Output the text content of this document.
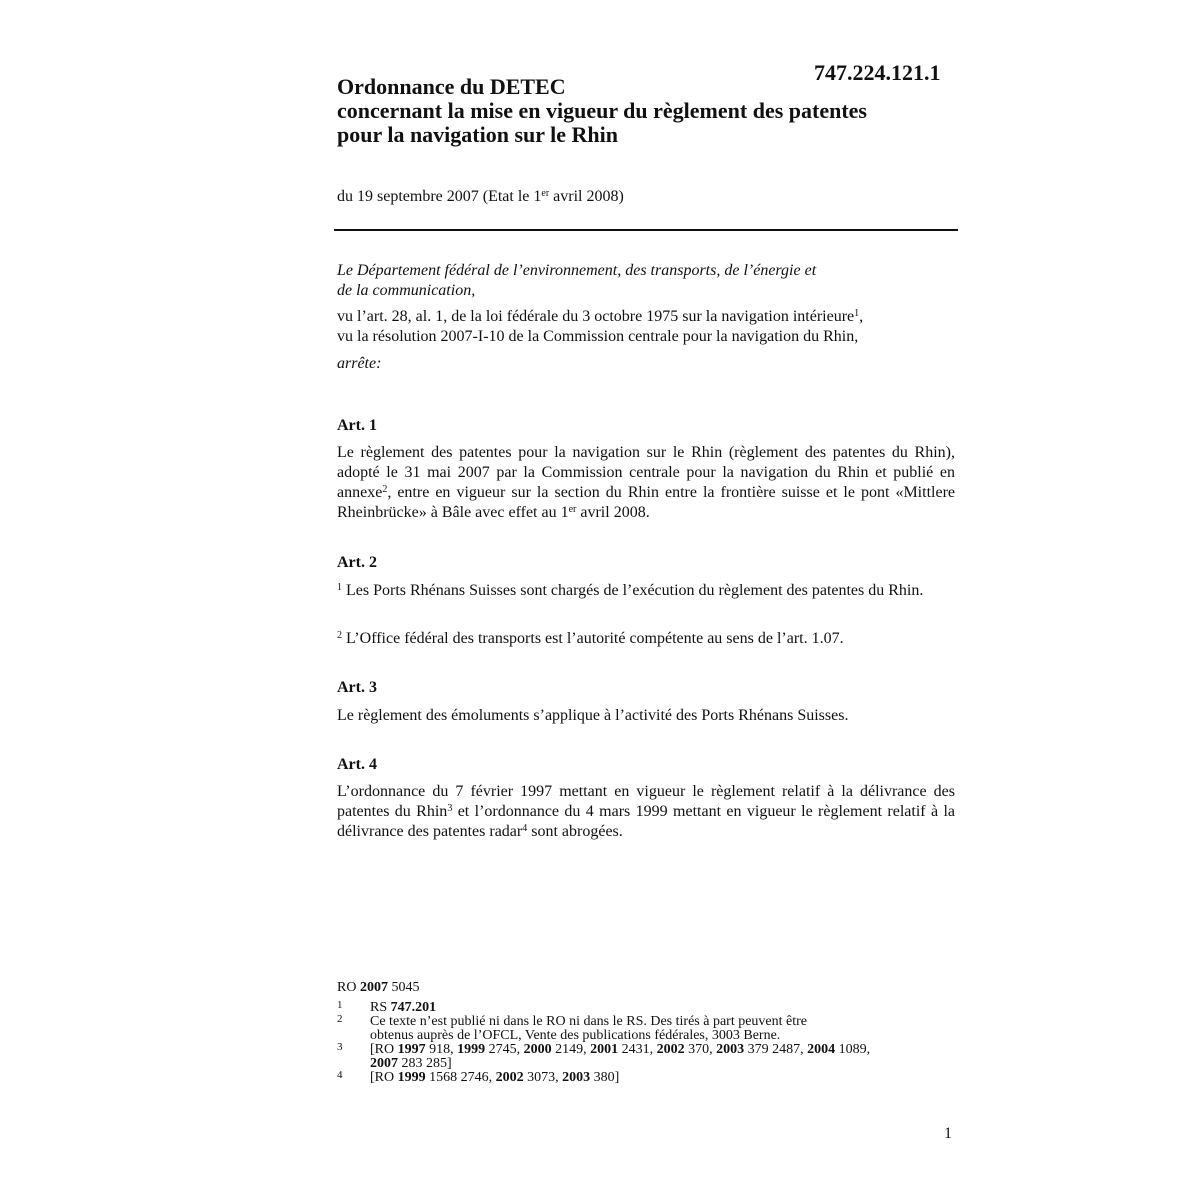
747.224.121.1
Ordonnance du DETEC
concernant la mise en vigueur du règlement des patentes
pour la navigation sur le Rhin
du 19 septembre 2007 (Etat le 1er avril 2008)
Le Département fédéral de l’environnement, des transports, de l’énergie et
de la communication,
vu l’art. 28, al. 1, de la loi fédérale du 3 octobre 1975 sur la navigation intérieure$^1$,
vu la résolution 2007-I-10 de la Commission centrale pour la navigation du Rhin,
arrête:
Art. 1
Le règlement des patentes pour la navigation sur le Rhin (règlement des patentes du Rhin), adopté le 31 mai 2007 par la Commission centrale pour la navigation du Rhin et publié en annexe$^2$, entre en vigueur sur la section du Rhin entre la frontière suisse et le pont «Mittlere Rheinbrücke» à Bâle avec effet au 1er avril 2008.
Art. 2
$^1$ Les Ports Rhénans Suisses sont chargés de l’exécution du règlement des patentes du Rhin.
$^2$ L’Office fédéral des transports est l’autorité compétente au sens de l’art. 1.07.
Art. 3
Le règlement des émoluments s’applique à l’activité des Ports Rhénans Suisses.
Art. 4
L’ordonnance du 7 février 1997 mettant en vigueur le règlement relatif à la délivrance des patentes du Rhin$^3$ et l’ordonnance du 4 mars 1999 mettant en vigueur le règlement relatif à la délivrance des patentes radar$^4$ sont abrogées.
RO 2007 5045
1 RS 747.201
2 Ce texte n’est publié ni dans le RO ni dans le RS. Des tirés à part peuvent être
obtenus auprès de l’OFCL, Vente des publications fédérales, 3003 Berne.
3 [RO 1997 918, 1999 2745, 2000 2149, 2001 2431, 2002 370, 2003 379 2487, 2004 1089,
2007 283 285]
4 [RO 1999 1568 2746, 2002 3073, 2003 380]
1
